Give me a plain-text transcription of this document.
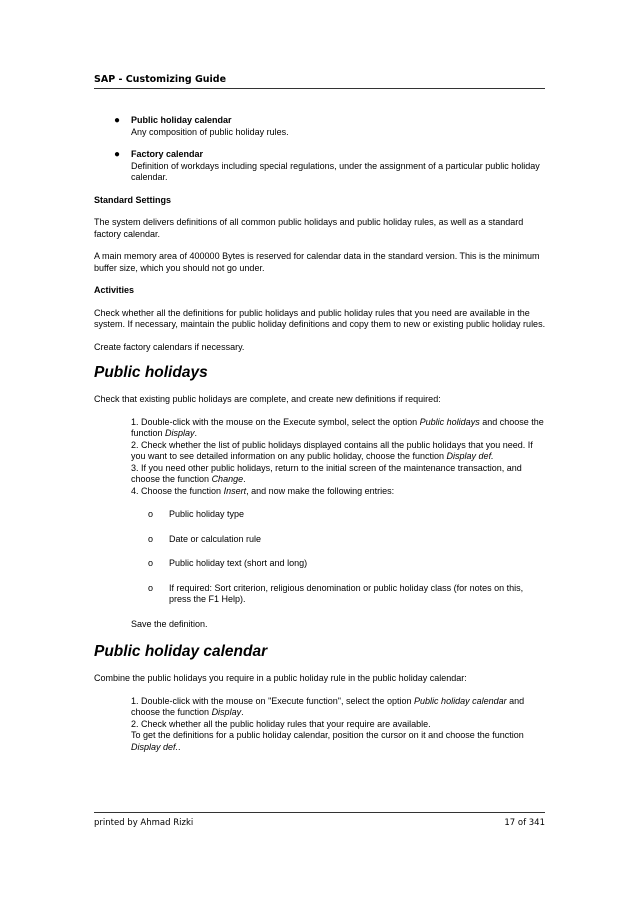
SAP - Customizing Guide
● Public holiday calendar
Any composition of public holiday rules.
● Factory calendar
Definition of workdays including special regulations, under the assignment of a particular public holiday calendar.

Standard Settings

The system delivers definitions of all common public holidays and public holiday rules, as well as a standard factory calendar.

A main memory area of 400000 Bytes is reserved for calendar data in the standard version. This is the minimum buffer size, which you should not go under.

Activities

Check whether all the definitions for public holidays and public holiday rules that you need are available in the system. If necessary, maintain the public holiday definitions and copy them to new or existing public holiday rules.

Create factory calendars if necessary.

Public holidays

Check that existing public holidays are complete, and create new definitions if required:

1. Double-click with the mouse on the Execute symbol, select the option Public holidays and choose the function Display.
2. Check whether the list of public holidays displayed contains all the public holidays that you need. If you want to see detailed information on any public holiday, choose the function Display def.
3. If you need other public holidays, return to the initial screen of the maintenance transaction, and choose the function Change.
4. Choose the function Insert, and now make the following entries:
o Public holiday type
o Date or calculation rule
o Public holiday text (short and long)
o If required: Sort criterion, religious denomination or public holiday class (for notes on this, press the F1 Help).
Save the definition.
Public holiday calendar

Combine the public holidays you require in a public holiday rule in the public holiday calendar:

1. Double-click with the mouse on "Execute function", select the option Public holiday calendar and choose the function Display.
2. Check whether all the public holiday rules that your require are available.
To get the definitions for a public holiday calendar, position the cursor on it and choose the function Display def..
printed by Ahmad Rizki	17 of 341
